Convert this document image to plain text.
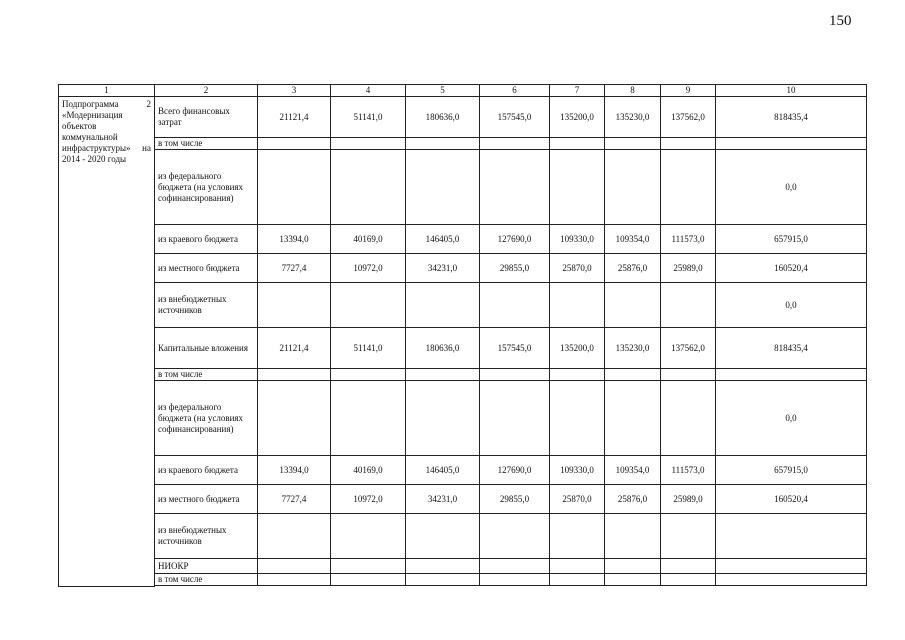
150
1	2	3	4	5	6	7	8	9	10
Подпрограмма 2 «Модернизация объектов коммунальной инфраструктуры» на 2014 - 2020 годы	Всего финансовых затрат	21121,4	51141,0	180636,0	157545,0	135200,0	135230,0	137562,0	818435,4
	в том числе								
	из федерального бюджета (на условиях софинансирования)								0,0
	из краевого бюджета	13394,0	40169,0	146405,0	127690,0	109330,0	109354,0	111573,0	657915,0
	из местного бюджета	7727,4	10972,0	34231,0	29855,0	25870,0	25876,0	25989,0	160520,4
	из внебюджетных источников								0,0
	Капитальные вложения	21121,4	51141,0	180636,0	157545,0	135200,0	135230,0	137562,0	818435,4
	в том числе								
	из федерального бюджета (на условиях софинансирования)								0,0
	из краевого бюджета	13394,0	40169,0	146405,0	127690,0	109330,0	109354,0	111573,0	657915,0
	из местного бюджета	7727,4	10972,0	34231,0	29855,0	25870,0	25876,0	25989,0	160520,4
	из внебюджетных источников								
	НИОКР								
	в том числе								
